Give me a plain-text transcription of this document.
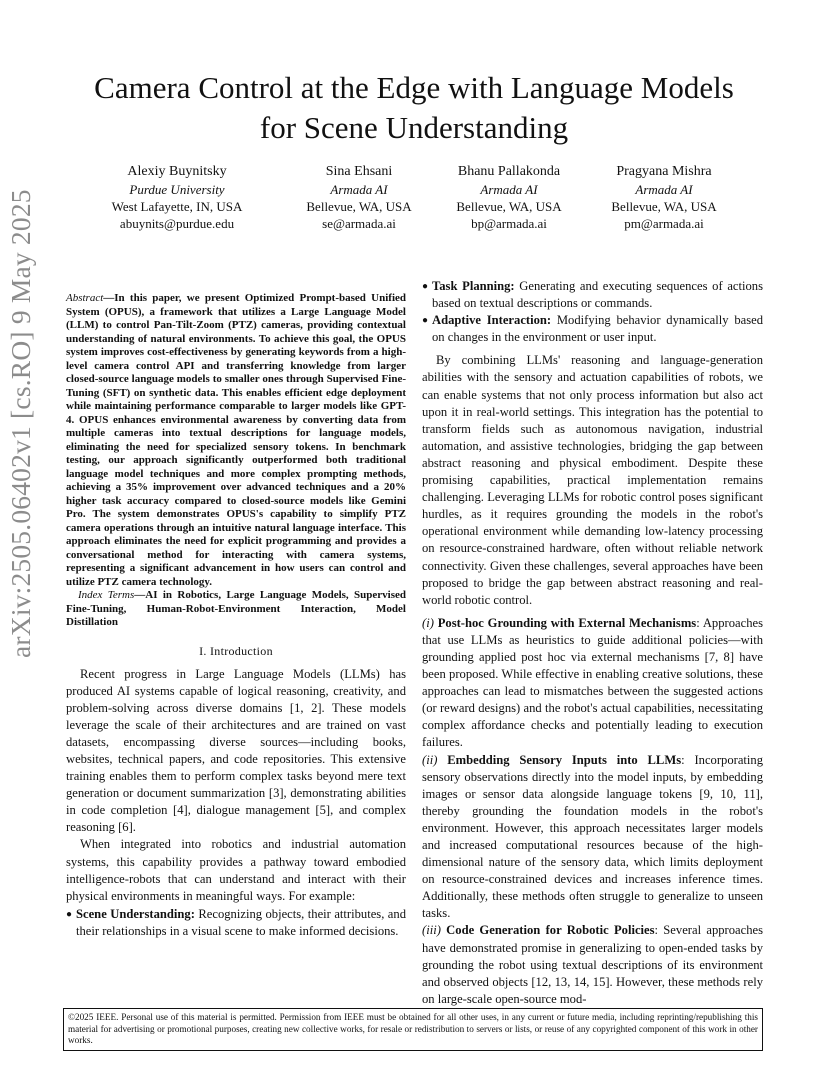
arXiv:2505.06402v1 [cs.RO] 9 May 2025
Camera Control at the Edge with Language Models
for Scene Understanding
Alexiy Buynitsky
Purdue University
West Lafayette, IN, USA
abuynits@purdue.edu
Sina Ehsani
Armada AI
Bellevue, WA, USA
se@armada.ai
Bhanu Pallakonda
Armada AI
Bellevue, WA, USA
bp@armada.ai
Pragyana Mishra
Armada AI
Bellevue, WA, USA
pm@armada.ai

Abstract—In this paper, we present Optimized Prompt-based Unified System (OPUS), a framework that utilizes a Large Language Model (LLM) to control Pan-Tilt-Zoom (PTZ) cameras, providing contextual understanding of natural environments. To achieve this goal, the OPUS system improves cost-effectiveness by generating keywords from a high-level camera control API and transferring knowledge from larger closed-source language models to smaller ones through Supervised Fine-Tuning (SFT) on synthetic data. This enables efficient edge deployment while maintaining performance comparable to larger models like GPT-4. OPUS enhances environmental awareness by converting data from multiple cameras into textual descriptions for language models, eliminating the need for specialized sensory tokens. In benchmark testing, our approach significantly outperformed both traditional language model techniques and more complex prompting methods, achieving a 35% improvement over advanced techniques and a 20% higher task accuracy compared to closed-source models like Gemini Pro. The system demonstrates OPUS's capability to simplify PTZ camera operations through an intuitive natural language interface. This approach eliminates the need for explicit programming and provides a conversational method for interacting with camera systems, representing a significant advancement in how users can control and utilize PTZ camera technology.

Index Terms—AI in Robotics, Large Language Models, Supervised Fine-Tuning, Human-Robot-Environment Interaction, Model Distillation

I. Introduction

Recent progress in Large Language Models (LLMs) has produced AI systems capable of logical reasoning, creativity, and problem-solving across diverse domains [1, 2]. These models leverage the scale of their architectures and are trained on vast datasets, encompassing diverse sources—including books, websites, technical papers, and code repositories. This extensive training enables them to perform complex tasks beyond mere text generation or document summarization [3], demonstrating abilities in code completion [4], dialogue management [5], and complex reasoning [6].

When integrated into robotics and industrial automation systems, this capability provides a pathway toward embodied intelligence-robots that can understand and interact with their physical environments in meaningful ways. For example:

● Scene Understanding: Recognizing objects, their attributes, and their relationships in a visual scene to make informed decisions.

● Task Planning: Generating and executing sequences of actions based on textual descriptions or commands.

● Adaptive Interaction: Modifying behavior dynamically based on changes in the environment or user input.

By combining LLMs' reasoning and language-generation abilities with the sensory and actuation capabilities of robots, we can enable systems that not only process information but also act upon it in real-world settings. This integration has the potential to transform fields such as autonomous navigation, industrial automation, and assistive technologies, bridging the gap between abstract reasoning and physical embodiment. Despite these promising capabilities, practical implementation remains challenging. Leveraging LLMs for robotic control poses significant hurdles, as it requires grounding the models in the robot's operational environment while demanding low-latency processing on resource-constrained hardware, often without reliable network connectivity. Given these challenges, several approaches have been proposed to bridge the gap between abstract reasoning and real-world robotic control.

(i) Post-hoc Grounding with External Mechanisms: Approaches that use LLMs as heuristics to guide additional policies—with grounding applied post hoc via external mechanisms [7, 8] have been proposed. While effective in enabling creative solutions, these approaches can lead to mismatches between the suggested actions (or reward designs) and the robot's actual capabilities, necessitating complex affordance checks and potentially leading to execution failures.

(ii) Embedding Sensory Inputs into LLMs: Incorporating sensory observations directly into the model inputs, by embedding images or sensor data alongside language tokens [9, 10, 11], thereby grounding the foundation models in the robot's environment. However, this approach necessitates larger models and increased computational resources because of the high-dimensional nature of the sensory data, which limits deployment on resource-constrained devices and increases inference times. Additionally, these methods often struggle to generalize to unseen tasks.

(iii) Code Generation for Robotic Policies: Several approaches have demonstrated promise in generalizing to open-ended tasks by grounding the robot using textual descriptions of its environment and observed objects [12, 13, 14, 15]. However, these methods rely on large-scale open-source mod-

©2025 IEEE. Personal use of this material is permitted. Permission from IEEE must be obtained for all other uses, in any current or future media, including reprinting/republishing this material for advertising or promotional purposes, creating new collective works, for resale or redistribution to servers or lists, or reuse of any copyrighted component of this work in other works.
